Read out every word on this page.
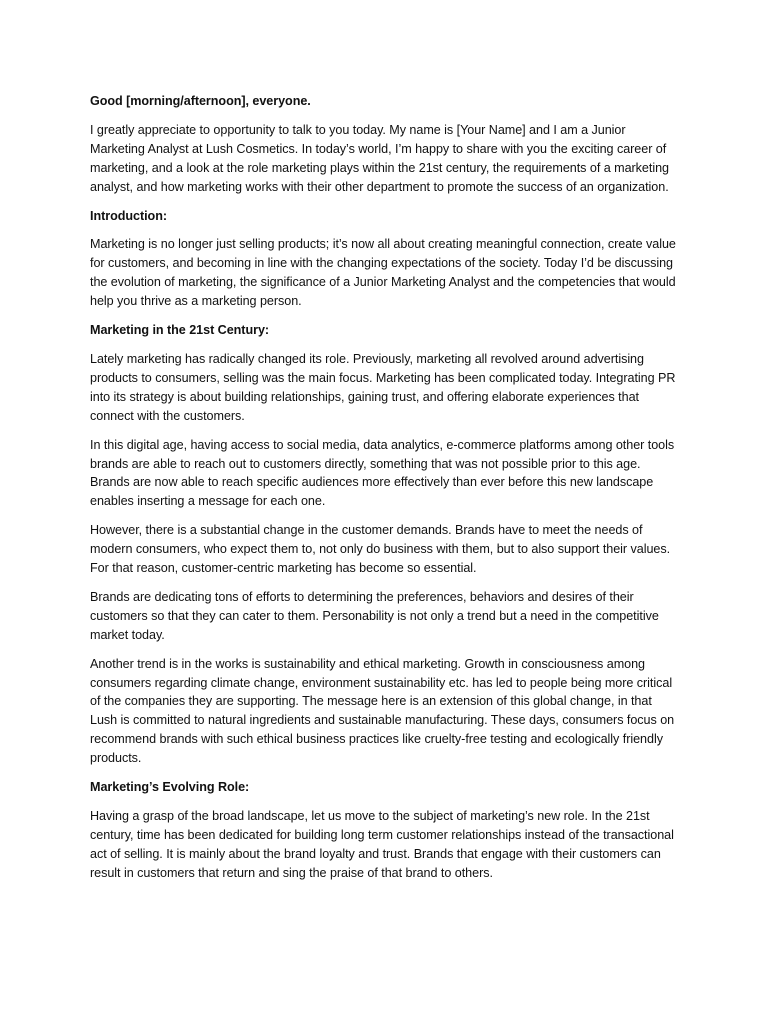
Good [morning/afternoon], everyone.

I greatly appreciate to opportunity to talk to you today. My name is [Your Name] and I am a Junior Marketing Analyst at Lush Cosmetics. In today’s world, I’m happy to share with you the exciting career of marketing, and a look at the role marketing plays within the 21st century, the requirements of a marketing analyst, and how marketing works with their other department to promote the success of an organization.

Introduction:

Marketing is no longer just selling products; it’s now all about creating meaningful connection, create value for customers, and becoming in line with the changing expectations of the society. Today I’d be discussing the evolution of marketing, the significance of a Junior Marketing Analyst and the competencies that would help you thrive as a marketing person.

Marketing in the 21st Century:

Lately marketing has radically changed its role. Previously, marketing all revolved around advertising products to consumers, selling was the main focus. Marketing has been complicated today. Integrating PR into its strategy is about building relationships, gaining trust, and offering elaborate experiences that connect with the customers.

In this digital age, having access to social media, data analytics, e-commerce platforms among other tools brands are able to reach out to customers directly, something that was not possible prior to this age. Brands are now able to reach specific audiences more effectively than ever before this new landscape enables inserting a message for each one.

However, there is a substantial change in the customer demands. Brands have to meet the needs of modern consumers, who expect them to, not only do business with them, but to also support their values. For that reason, customer-centric marketing has become so essential.

Brands are dedicating tons of efforts to determining the preferences, behaviors and desires of their customers so that they can cater to them. Personability is not only a trend but a need in the competitive market today.

Another trend is in the works is sustainability and ethical marketing. Growth in consciousness among consumers regarding climate change, environment sustainability etc. has led to people being more critical of the companies they are supporting. The message here is an extension of this global change, in that Lush is committed to natural ingredients and sustainable manufacturing. These days, consumers focus on recommend brands with such ethical business practices like cruelty-free testing and ecologically friendly products.

Marketing’s Evolving Role:

Having a grasp of the broad landscape, let us move to the subject of marketing’s new role. In the 21st century, time has been dedicated for building long term customer relationships instead of the transactional act of selling. It is mainly about the brand loyalty and trust. Brands that engage with their customers can result in customers that return and sing the praise of that brand to others.
